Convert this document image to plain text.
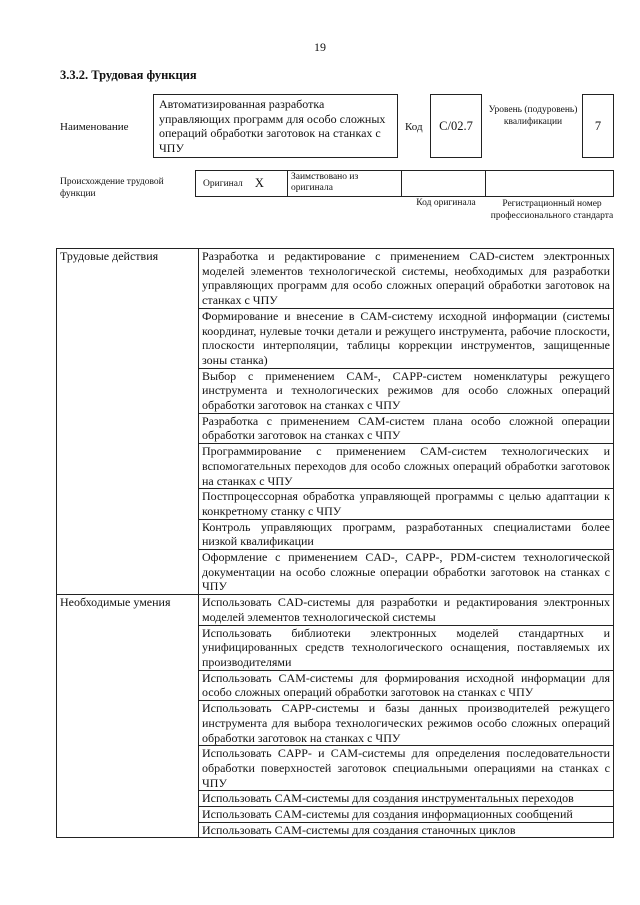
19
3.3.2. Трудовая функция
Наименование
Автоматизированная разработка управляющих программ для особо сложных операций обработки заготовок на станках с ЧПУ
Код	C/02.7
Уровень (подуровень) квалификации	7
Происхождение трудовой функции
Оригинал X	Заимствовано из оригинала
Код оригинала	Регистрационный номер профессионального стандарта
Трудовые действия	Разработка и редактирование с применением CAD-систем электронных моделей элементов технологической системы, необходимых для разработки управляющих программ для особо сложных операций обработки заготовок на станках с ЧПУ
	Формирование и внесение в CAM-систему исходной информации (системы координат, нулевые точки детали и режущего инструмента, рабочие плоскости, плоскости интерполяции, таблицы коррекции инструментов, защищенные зоны станка)
	Выбор с применением CAM-, CAPP-систем номенклатуры режущего инструмента и технологических режимов для особо сложных операций обработки заготовок на станках с ЧПУ
	Разработка с применением CAM-систем плана особо сложной операции обработки заготовок на станках с ЧПУ
	Программирование с применением CAM-систем технологических и вспомогательных переходов для особо сложных операций обработки заготовок на станках с ЧПУ
	Постпроцессорная обработка управляющей программы с целью адаптации к конкретному станку с ЧПУ
	Контроль управляющих программ, разработанных специалистами более низкой квалификации
	Оформление с применением CAD-, CAPP-, PDM-систем технологической документации на особо сложные операции обработки заготовок на станках с ЧПУ
Необходимые умения	Использовать CAD-системы для разработки и редактирования электронных моделей элементов технологической системы
	Использовать библиотеки электронных моделей стандартных и унифицированных средств технологического оснащения, поставляемых их производителями
	Использовать CAM-системы для формирования исходной информации для особо сложных операций обработки заготовок на станках с ЧПУ
	Использовать CAPP-системы и базы данных производителей режущего инструмента для выбора технологических режимов особо сложных операций обработки заготовок на станках с ЧПУ
	Использовать CAPP- и CAM-системы для определения последовательности обработки поверхностей заготовок специальными операциями на станках с ЧПУ
	Использовать CAM-системы для создания инструментальных переходов
	Использовать CAM-системы для создания информационных сообщений
	Использовать CAM-системы для создания станочных циклов
